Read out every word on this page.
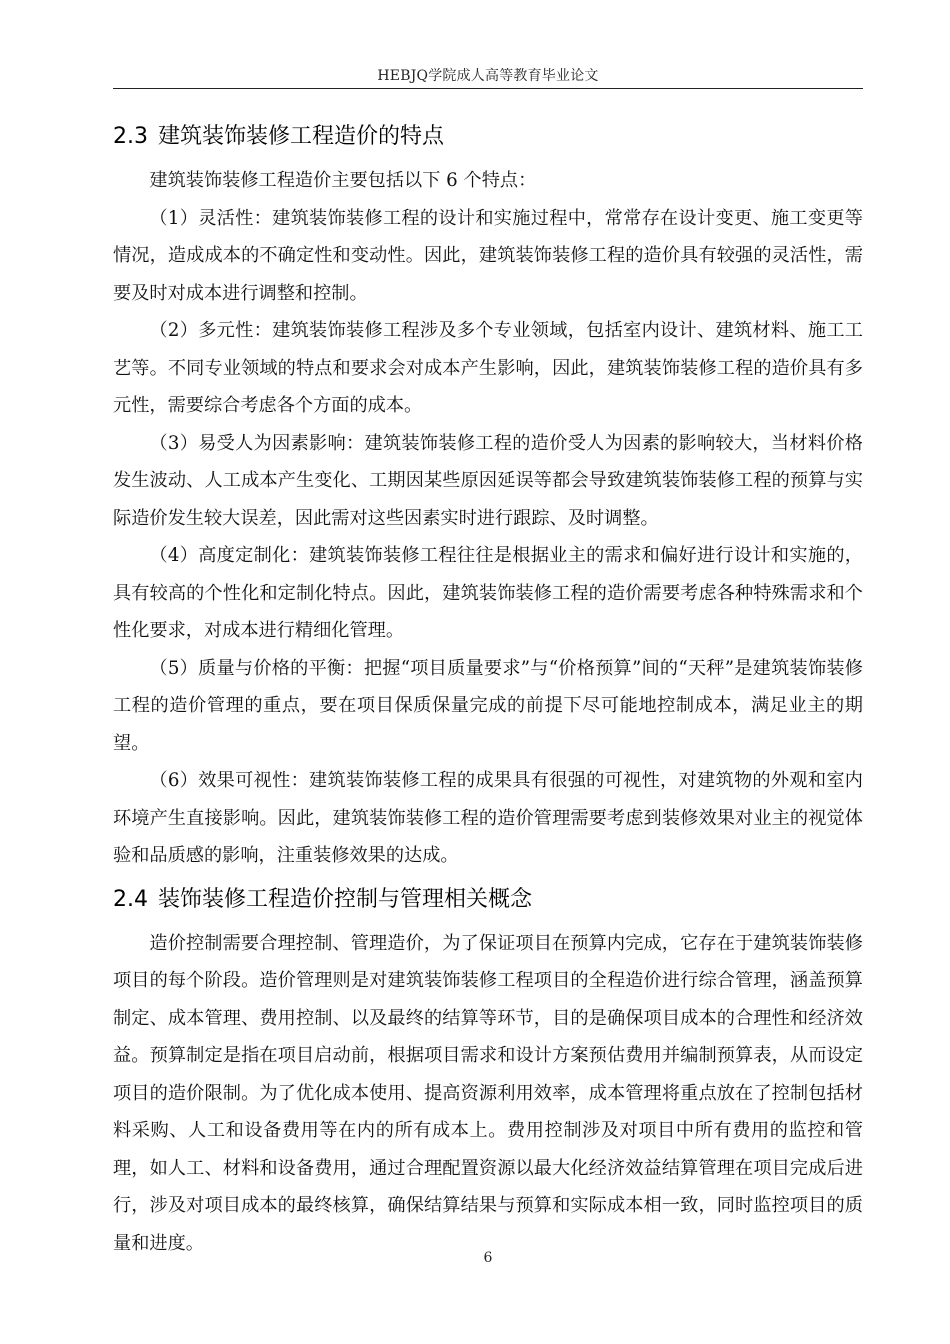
HEBJQ学院成人高等教育毕业论文
2.3 建筑装饰装修工程造价的特点

建筑装饰装修工程造价主要包括以下 6 个特点：

（1）灵活性：建筑装饰装修工程的设计和实施过程中，常常存在设计变更、施工变更等情况，造成成本的不确定性和变动性。因此，建筑装饰装修工程的造价具有较强的灵活性，需要及时对成本进行调整和控制。

（2）多元性：建筑装饰装修工程涉及多个专业领域，包括室内设计、建筑材料、施工工艺等。不同专业领域的特点和要求会对成本产生影响，因此，建筑装饰装修工程的造价具有多元性，需要综合考虑各个方面的成本。

（3）易受人为因素影响：建筑装饰装修工程的造价受人为因素的影响较大，当材料价格发生波动、人工成本产生变化、工期因某些原因延误等都会导致建筑装饰装修工程的预算与实际造价发生较大误差，因此需对这些因素实时进行跟踪、及时调整。

（4）高度定制化：建筑装饰装修工程往往是根据业主的需求和偏好进行设计和实施的，具有较高的个性化和定制化特点。因此，建筑装饰装修工程的造价需要考虑各种特殊需求和个性化要求，对成本进行精细化管理。

（5）质量与价格的平衡：把握“项目质量要求”与“价格预算”间的“天秤”是建筑装饰装修工程的造价管理的重点，要在项目保质保量完成的前提下尽可能地控制成本，满足业主的期望。

（6）效果可视性：建筑装饰装修工程的成果具有很强的可视性，对建筑物的外观和室内环境产生直接影响。因此，建筑装饰装修工程的造价管理需要考虑到装修效果对业主的视觉体验和品质感的影响，注重装修效果的达成。

2.4 装饰装修工程造价控制与管理相关概念

造价控制需要合理控制、管理造价，为了保证项目在预算内完成，它存在于建筑装饰装修项目的每个阶段。造价管理则是对建筑装饰装修工程项目的全程造价进行综合管理，涵盖预算制定、成本管理、费用控制、以及最终的结算等环节，目的是确保项目成本的合理性和经济效益。预算制定是指在项目启动前，根据项目需求和设计方案预估费用并编制预算表，从而设定项目的造价限制。为了优化成本使用、提高资源利用效率，成本管理将重点放在了控制包括材料采购、人工和设备费用等在内的所有成本上。费用控制涉及对项目中所有费用的监控和管理，如人工、材料和设备费用，通过合理配置资源以最大化经济效益结算管理在项目完成后进行，涉及对项目成本的最终核算，确保结算结果与预算和实际成本相一致，同时监控项目的质量和进度。

6
